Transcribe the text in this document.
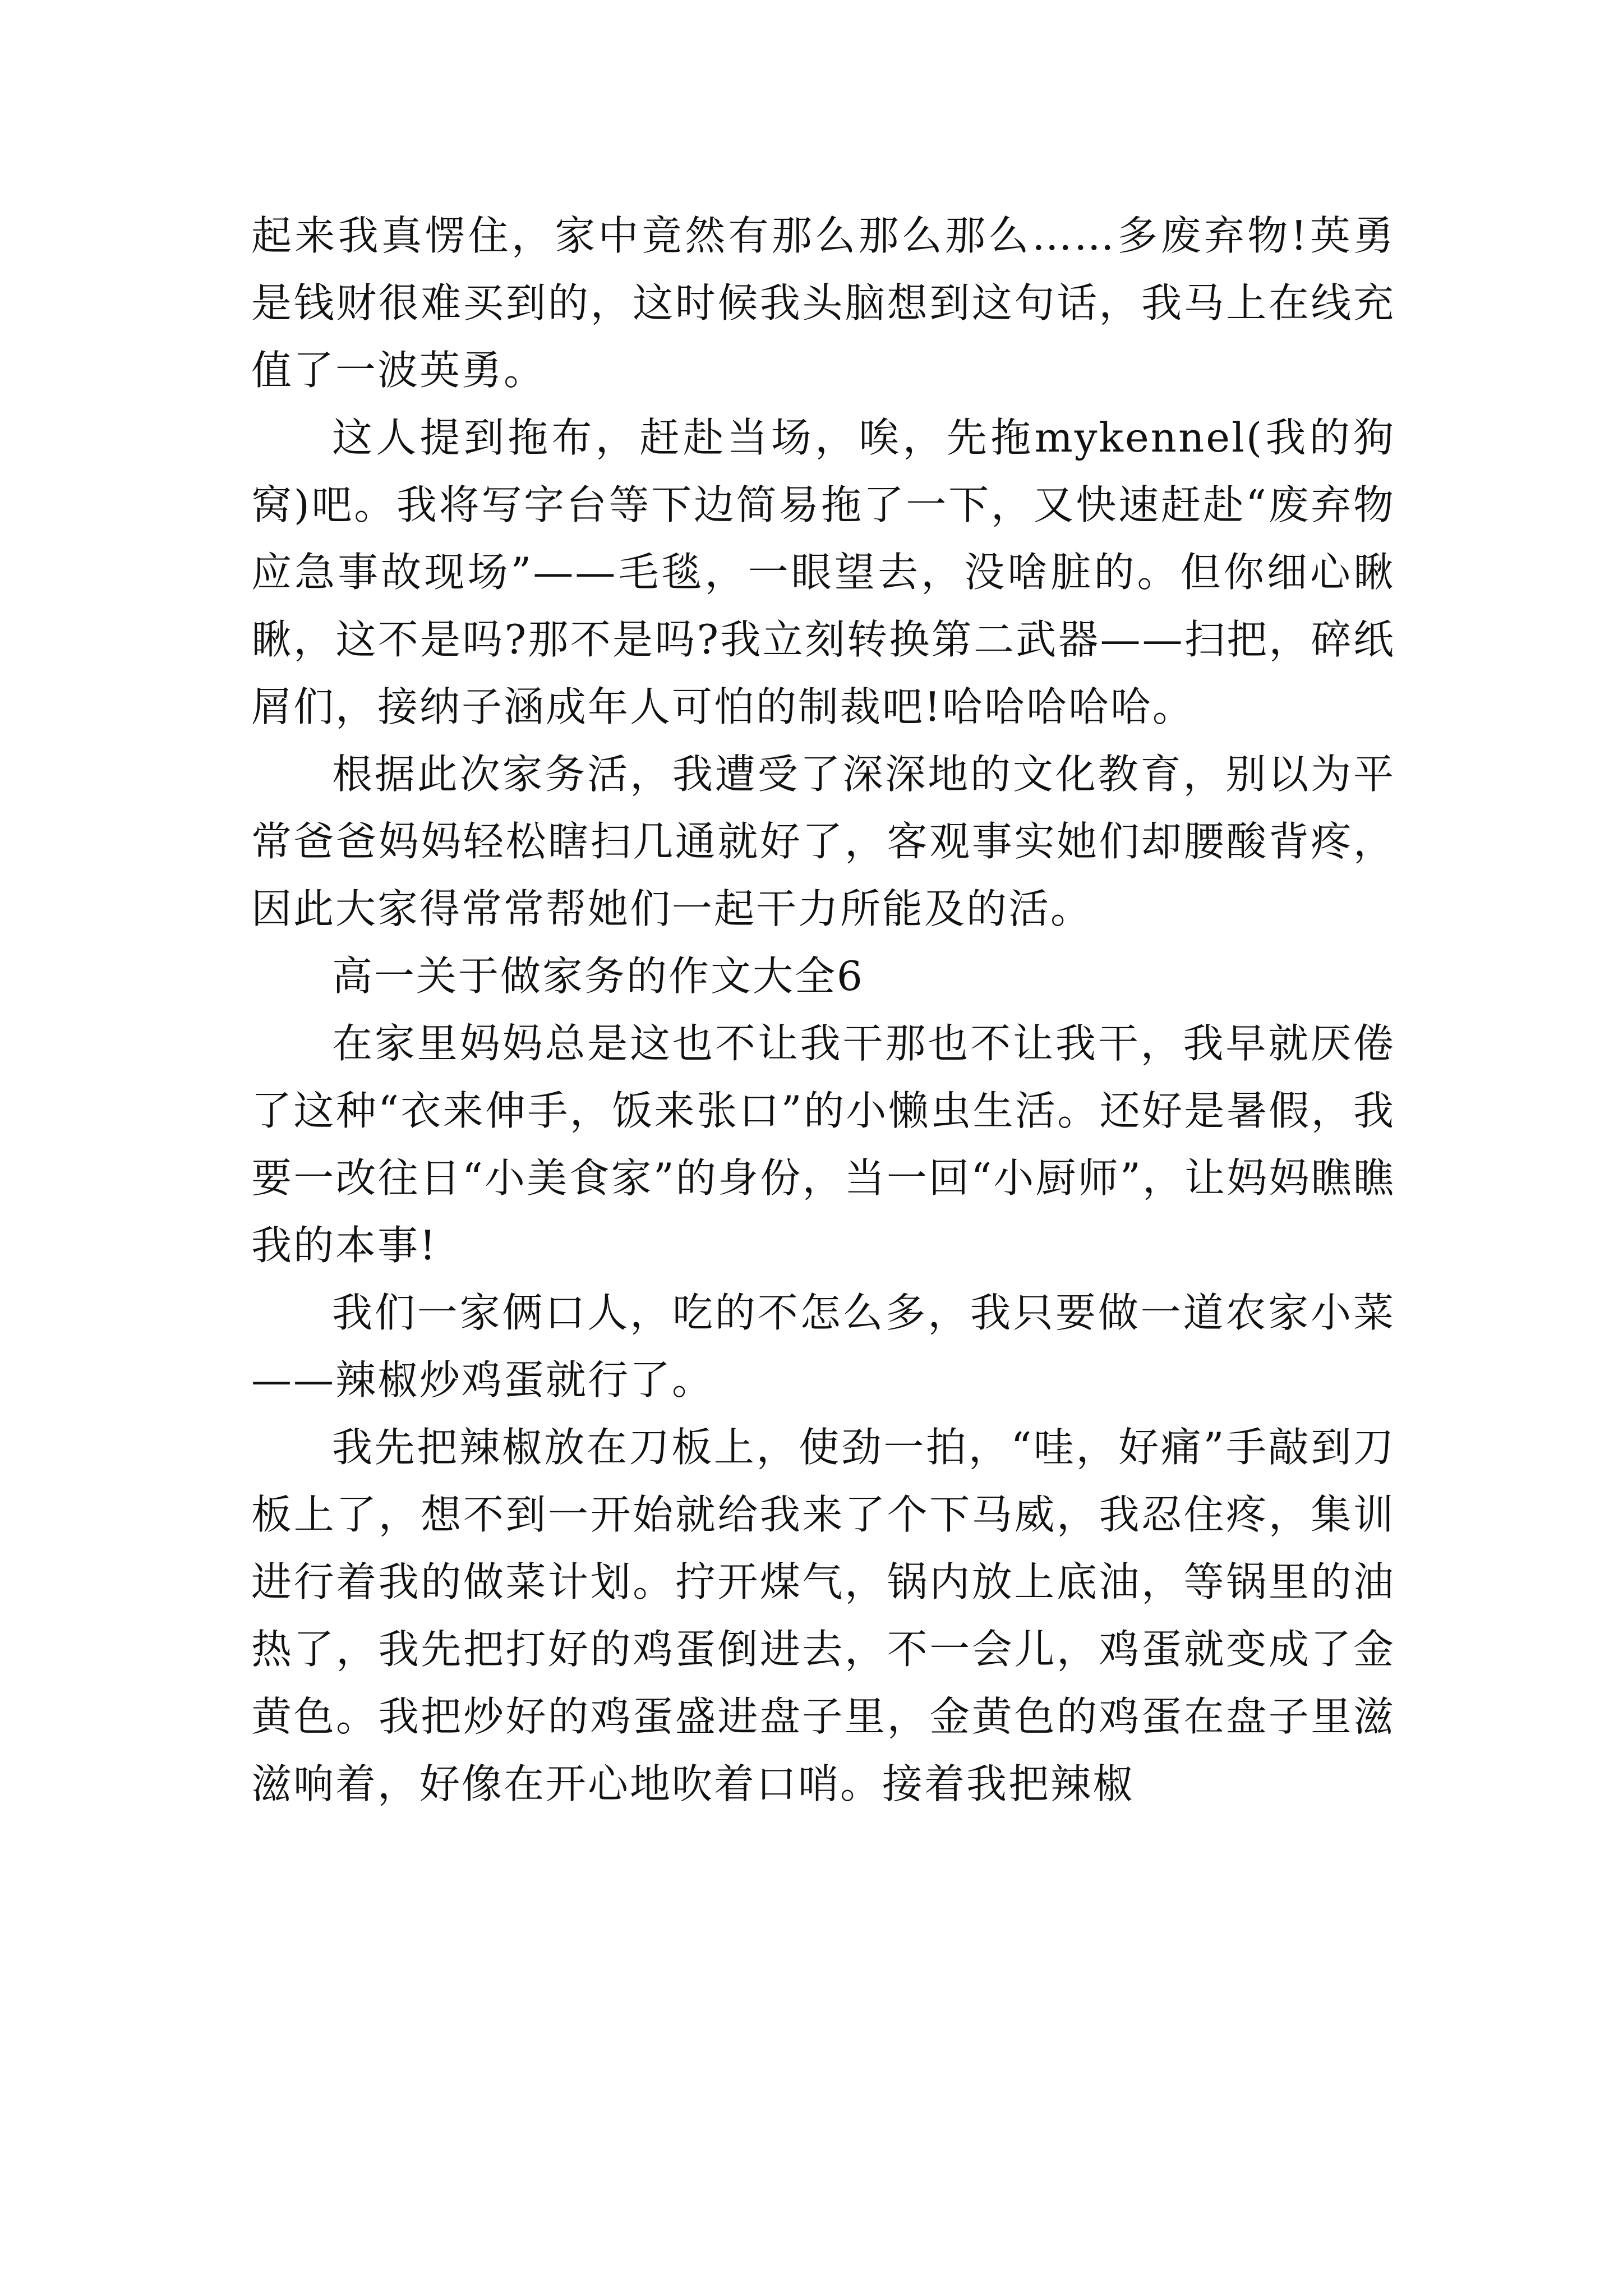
起来我真愣住，家中竟然有那么那么那么……多废弃物!英勇是钱财很难买到的，这时候我头脑想到这句话，我马上在线充值了一波英勇。

这人提到拖布，赶赴当场，唉，先拖mykennel(我的狗窝)吧。我将写字台等下边简易拖了一下，又快速赶赴“废弃物应急事故现场”——毛毯，一眼望去，没啥脏的。但你细心瞅瞅，这不是吗?那不是吗?我立刻转换第二武器——扫把，碎纸屑们，接纳子涵成年人可怕的制裁吧!哈哈哈哈哈。

根据此次家务活，我遭受了深深地的文化教育，别以为平常爸爸妈妈轻松瞎扫几通就好了，客观事实她们却腰酸背疼，因此大家得常常帮她们一起干力所能及的活。

高一关于做家务的作文大全6

在家里妈妈总是这也不让我干那也不让我干，我早就厌倦了这种“衣来伸手，饭来张口”的小懒虫生活。还好是暑假，我要一改往日“小美食家”的身份，当一回“小厨师”，让妈妈瞧瞧我的本事!

我们一家俩口人，吃的不怎么多，我只要做一道农家小菜——辣椒炒鸡蛋就行了。

我先把辣椒放在刀板上，使劲一拍，“哇，好痛”手敲到刀板上了，想不到一开始就给我来了个下马威，我忍住疼，集训进行着我的做菜计划。拧开煤气，锅内放上底油，等锅里的油热了，我先把打好的鸡蛋倒进去，不一会儿，鸡蛋就变成了金黄色。我把炒好的鸡蛋盛进盘子里，金黄色的鸡蛋在盘子里滋滋响着，好像在开心地吹着口哨。接着我把辣椒
